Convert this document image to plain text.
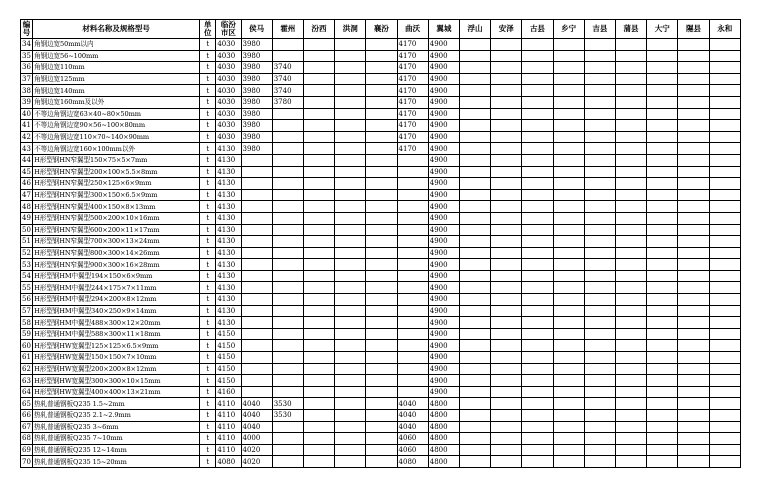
编号	材料名称及规格型号	单位	临汾市区	侯马	霍州	汾西	洪洞	襄汾	曲沃	翼城	浮山	安泽	古县	乡宁	吉县	蒲县	大宁	隰县	永和
34	角钢边宽50mm以内	t	4030	3980					4170	4900									
35	角钢边宽56~100mm	t	4030	3980					4170	4900									
36	角钢边宽110mm	t	4030	3980	3740				4170	4900									
37	角钢边宽125mm	t	4030	3980	3740				4170	4900									
38	角钢边宽140mm	t	4030	3980	3740				4170	4900									
39	角钢边宽160mm及以外	t	4030	3980	3780				4170	4900									
40	不等边角钢边宽63×40~80×50mm	t	4030	3980					4170	4900									
41	不等边角钢边宽90×56~100×80mm	t	4030	3980					4170	4900									
42	不等边角钢边宽110×70~140×90mm	t	4030	3980					4170	4900									
43	不等边角钢边宽160×100mm以外	t	4130	3980					4170	4900									
44	H形型钢HN窄翼型150×75×5×7mm	t	4130							4900									
45	H形型钢HN窄翼型200×100×5.5×8mm	t	4130							4900									
46	H形型钢HN窄翼型250×125×6×9mm	t	4130							4900									
47	H形型钢HN窄翼型300×150×6.5×9mm	t	4130							4900									
48	H形型钢HN窄翼型400×150×8×13mm	t	4130							4900									
49	H形型钢HN窄翼型500×200×10×16mm	t	4130							4900									
50	H形型钢HN窄翼型600×200×11×17mm	t	4130							4900									
51	H形型钢HN窄翼型700×300×13×24mm	t	4130							4900									
52	H形型钢HN窄翼型800×300×14×26mm	t	4130							4900									
53	H形型钢HN窄翼型900×300×16×28mm	t	4130							4900									
54	H形型钢HM中翼型194×150×6×9mm	t	4130							4900									
55	H形型钢HM中翼型244×175×7×11mm	t	4130							4900									
56	H形型钢HM中翼型294×200×8×12mm	t	4130							4900									
57	H形型钢HM中翼型340×250×9×14mm	t	4130							4900									
58	H形型钢HM中翼型488×300×12×20mm	t	4130							4900									
59	H形型钢HM中翼型588×300×11×18mm	t	4150							4900									
60	H形型钢HW宽翼型125×125×6.5×9mm	t	4150							4900									
61	H形型钢HW宽翼型150×150×7×10mm	t	4150							4900									
62	H形型钢HW宽翼型200×200×8×12mm	t	4150							4900									
63	H形型钢HW宽翼型300×300×10×15mm	t	4150							4900									
64	H形型钢HW宽翼型400×400×13×21mm	t	4160							4900									
65	热轧普通钢板Q235 1.5~2mm	t	4110	4040	3530				4040	4800									
66	热轧普通钢板Q235 2.1~2.9mm	t	4110	4040	3530				4040	4800									
67	热轧普通钢板Q235 3~6mm	t	4110	4040					4040	4800									
68	热轧普通钢板Q235 7~10mm	t	4110	4000					4060	4800									
69	热轧普通钢板Q235 12~14mm	t	4110	4020					4060	4800									
70	热轧普通钢板Q235 15~20mm	t	4080	4020					4080	4800									
